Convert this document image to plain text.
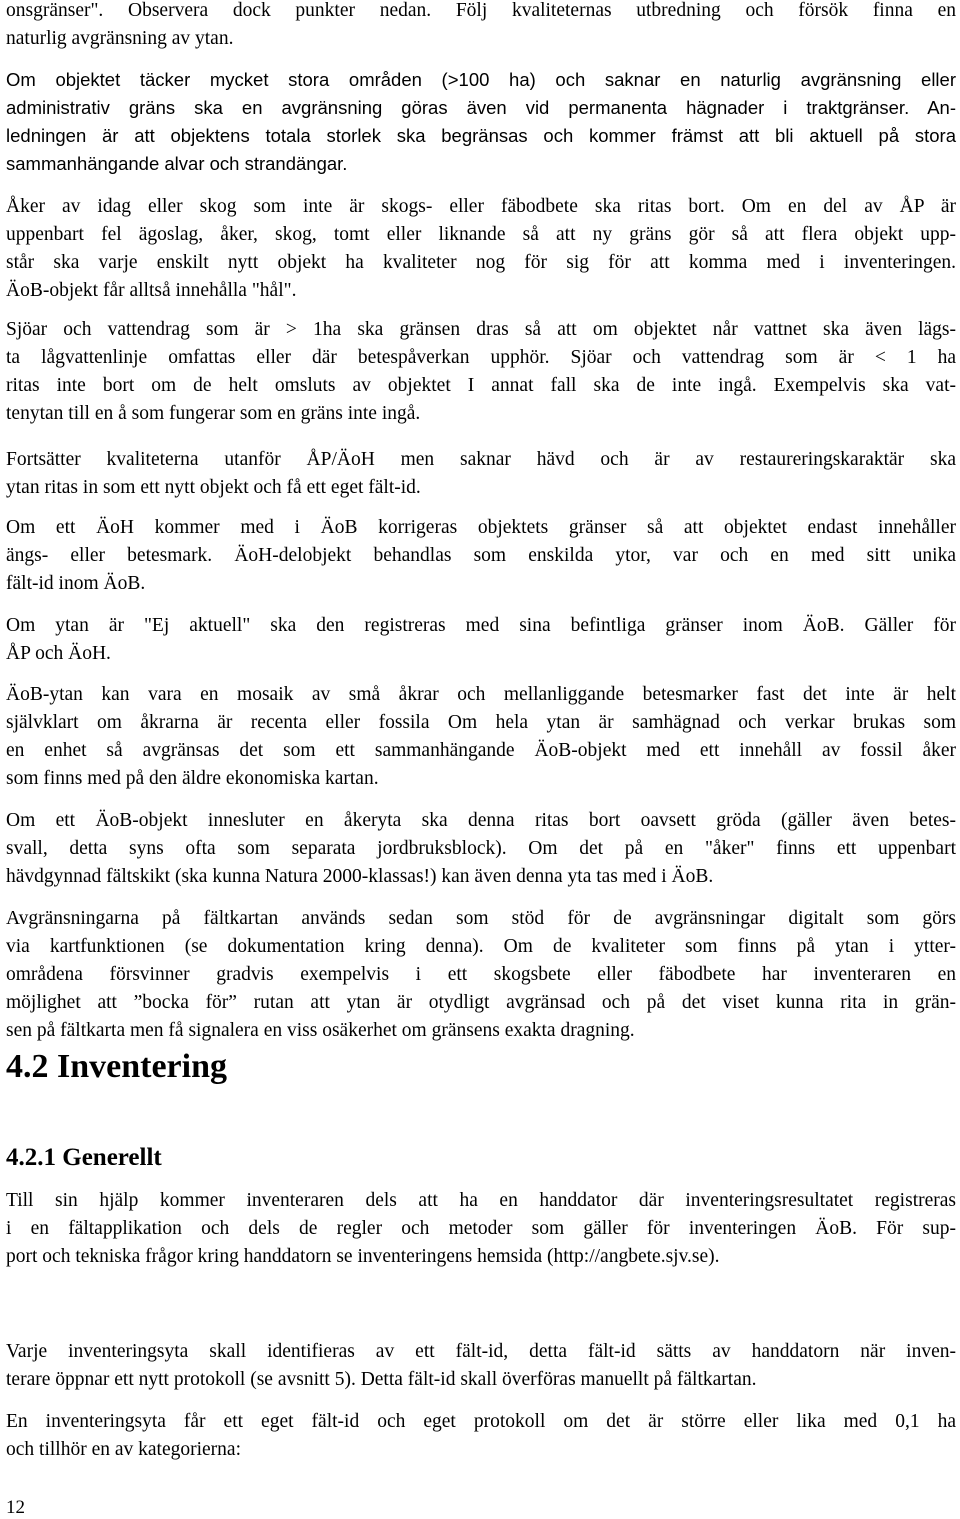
onsgränser". Observera dock punkter nedan. Följ kvaliteternas utbredning och försök finna en
naturlig avgränsning av ytan.

Om objektet täcker mycket stora områden (>100 ha) och saknar en naturlig avgränsning eller
administrativ gräns ska en avgränsning göras även vid permanenta hägnader i traktgränser. An-
ledningen är att objektens totala storlek ska begränsas och kommer främst att bli aktuell på stora
sammanhängande alvar och strandängar.

Åker av idag eller skog som inte är skogs- eller fäbodbete ska ritas bort. Om en del av ÅP är
uppenbart fel ägoslag, åker, skog, tomt eller liknande så att ny gräns gör så att flera objekt upp-
står ska varje enskilt nytt objekt ha kvaliteter nog för sig för att komma med i inventeringen.
ÄoB-objekt får alltså innehålla "hål".

Sjöar och vattendrag som är > 1ha ska gränsen dras så att om objektet når vattnet ska även lägs-
ta lågvattenlinje omfattas eller där betespåverkan upphör. Sjöar och vattendrag som är < 1 ha
ritas inte bort om de helt omsluts av objektet I annat fall ska de inte ingå. Exempelvis ska vat-
tenytan till en å som fungerar som en gräns inte ingå.

Fortsätter kvaliteterna utanför ÅP/ÄoH men saknar hävd och är av restaureringskaraktär ska
ytan ritas in som ett nytt objekt och få ett eget fält-id.

Om ett ÄoH kommer med i ÄoB korrigeras objektets gränser så att objektet endast innehåller
ängs- eller betesmark. ÄoH-delobjekt behandlas som enskilda ytor, var och en med sitt unika
fält-id inom ÄoB.

Om ytan är "Ej aktuell" ska den registreras med sina befintliga gränser inom ÄoB. Gäller för
ÅP och ÄoH.

ÄoB-ytan kan vara en mosaik av små åkrar och mellanliggande betesmarker fast det inte är helt
självklart om åkrarna är recenta eller fossila Om hela ytan är samhägnad och verkar brukas som
en enhet så avgränsas det som ett sammanhängande ÄoB-objekt med ett innehåll av fossil åker
som finns med på den äldre ekonomiska kartan.

Om ett ÄoB-objekt innesluter en åkeryta ska denna ritas bort oavsett gröda (gäller även betes-
svall, detta syns ofta som separata jordbruksblock). Om det på en "åker" finns ett uppenbart
hävdgynnad fältskikt (ska kunna Natura 2000-klassas!) kan även denna yta tas med i ÄoB.

Avgränsningarna på fältkartan används sedan som stöd för de avgränsningar digitalt som görs
via kartfunktionen (se dokumentation kring denna). Om de kvaliteter som finns på ytan i ytter-
områdena försvinner gradvis exempelvis i ett skogsbete eller fäbodbete har inventeraren en
möjlighet att ”bocka för” rutan att ytan är otydligt avgränsad och på det viset kunna rita in grän-
sen på fältkarta men få signalera en viss osäkerhet om gränsens exakta dragning.

4.2 Inventering
4.2.1 Generellt

Till sin hjälp kommer inventeraren dels att ha en handdator där inventeringsresultatet registreras
i en fältapplikation och dels de regler och metoder som gäller för inventeringen ÄoB. För sup-
port och tekniska frågor kring handdatorn se inventeringens hemsida (http://angbete.sjv.se).

Varje inventeringsyta skall identifieras av ett fält-id, detta fält-id sätts av handdatorn när inven-
terare öppnar ett nytt protokoll (se avsnitt 5). Detta fält-id skall överföras manuellt på fältkartan.

En inventeringsyta får ett eget fält-id och eget protokoll om det är större eller lika med 0,1 ha
och tillhör en av kategorierna:

12
